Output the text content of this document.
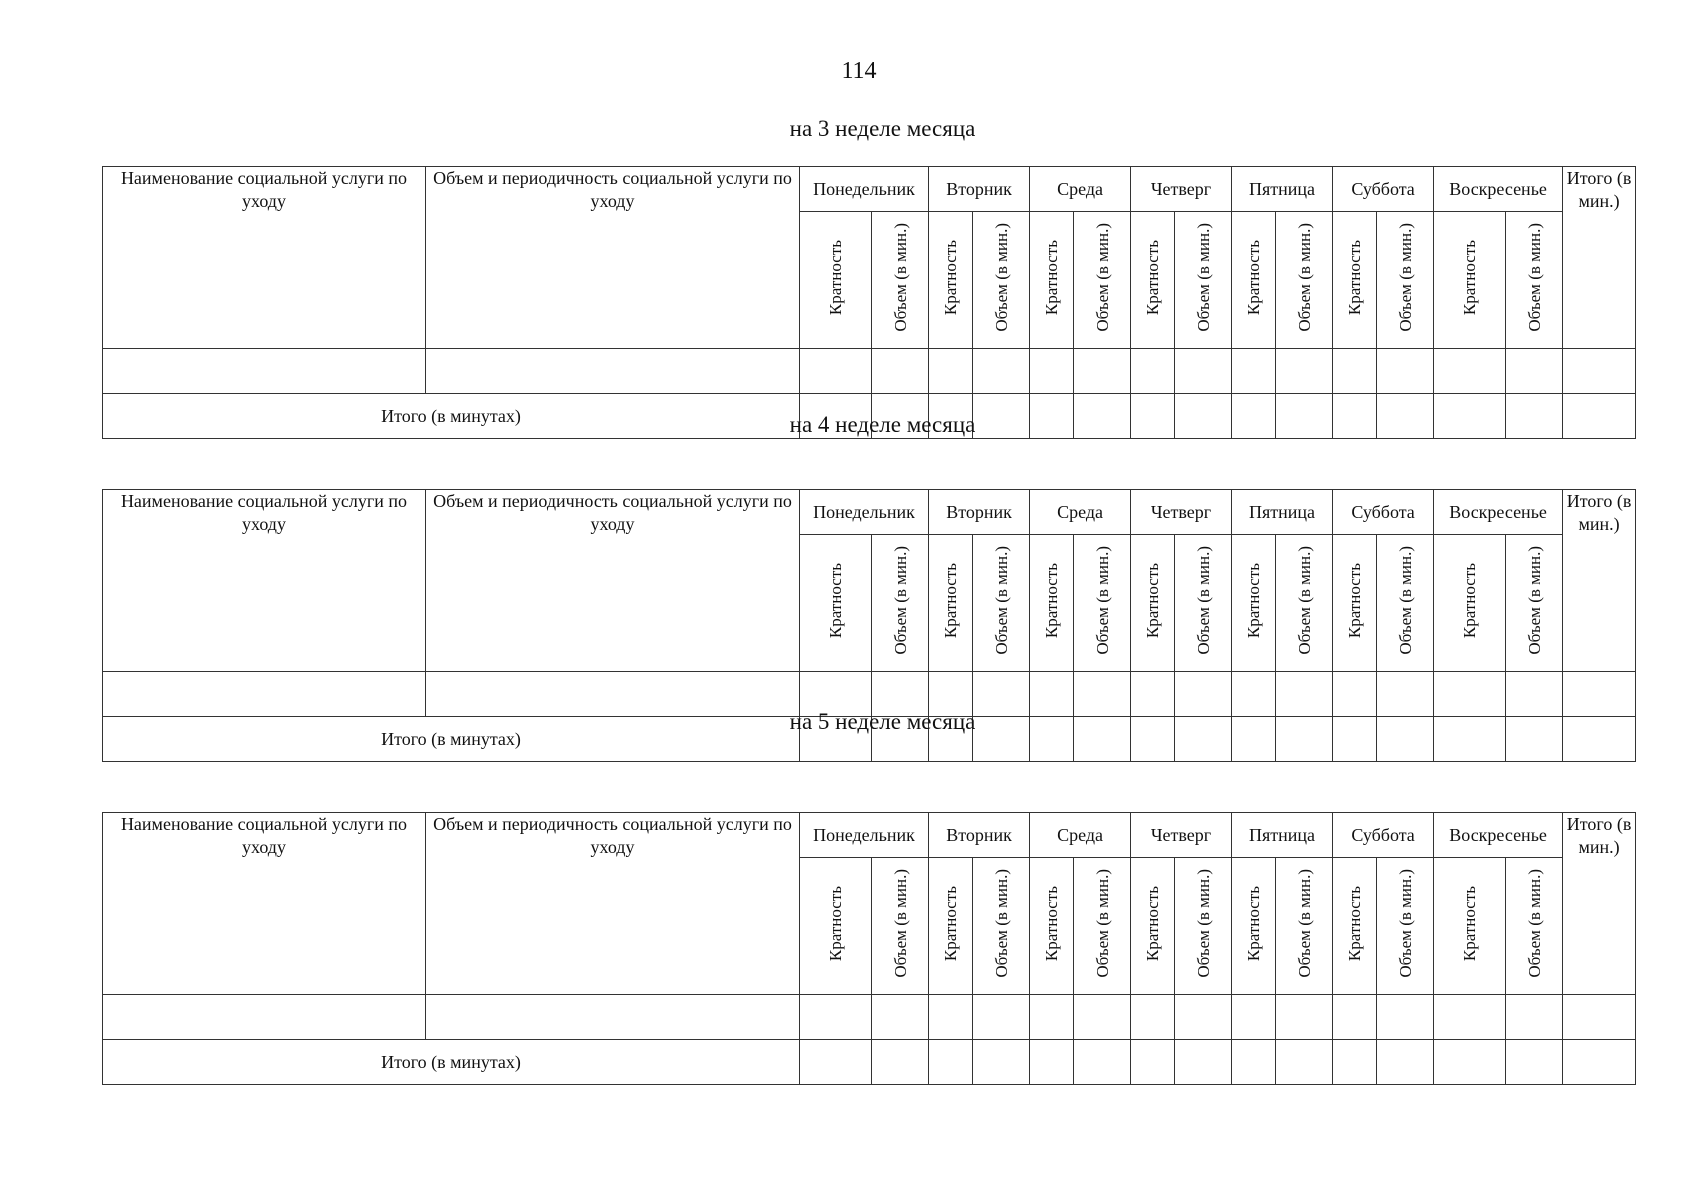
114
на 3 неделе месяца
Наименование социальной услуги по уходу	Объем и периодичность социальной услуги по уходу	Понедельник		Вторник		Среда		Четверг		Пятница		Суббота		Воскресенье		Итого (в мин.)
		Кратность	Объем (в мин.)	Кратность	Объем (в мин.)	Кратность	Объем (в мин.)	Кратность	Объем (в мин.)	Кратность	Объем (в мин.)	Кратность	Объем (в мин.)	Кратность	Объем (в мин.)	

Итого (в минутах)																	на 4 неделе месяца
Наименование социальной услуги по уходу	Объем и периодичность социальной услуги по уходу	Понедельник		Вторник		Среда		Четверг		Пятница		Суббота		Воскресенье		Итого (в мин.)
		Кратность	Объем (в мин.)	Кратность	Объем (в мин.)	Кратность	Объем (в мин.)	Кратность	Объем (в мин.)	Кратность	Объем (в мин.)	Кратность	Объем (в мин.)	Кратность	Объем (в мин.)	

Итого (в минутах)																
на 5 неделе месяца
Наименование социальной услуги по уходу	Объем и периодичность социальной услуги по уходу	Понедельник		Вторник		Среда		Четверг		Пятница		Суббота		Воскресенье		Итого (в мин.)
		Кратность	Объем (в мин.)	Кратность	Объем (в мин.)	Кратность	Объем (в мин.)	Кратность	Объем (в мин.)	Кратность	Объем (в мин.)	Кратность	Объем (в мин.)	Кратность	Объем (в мин.)	

Итого (в минутах)																
